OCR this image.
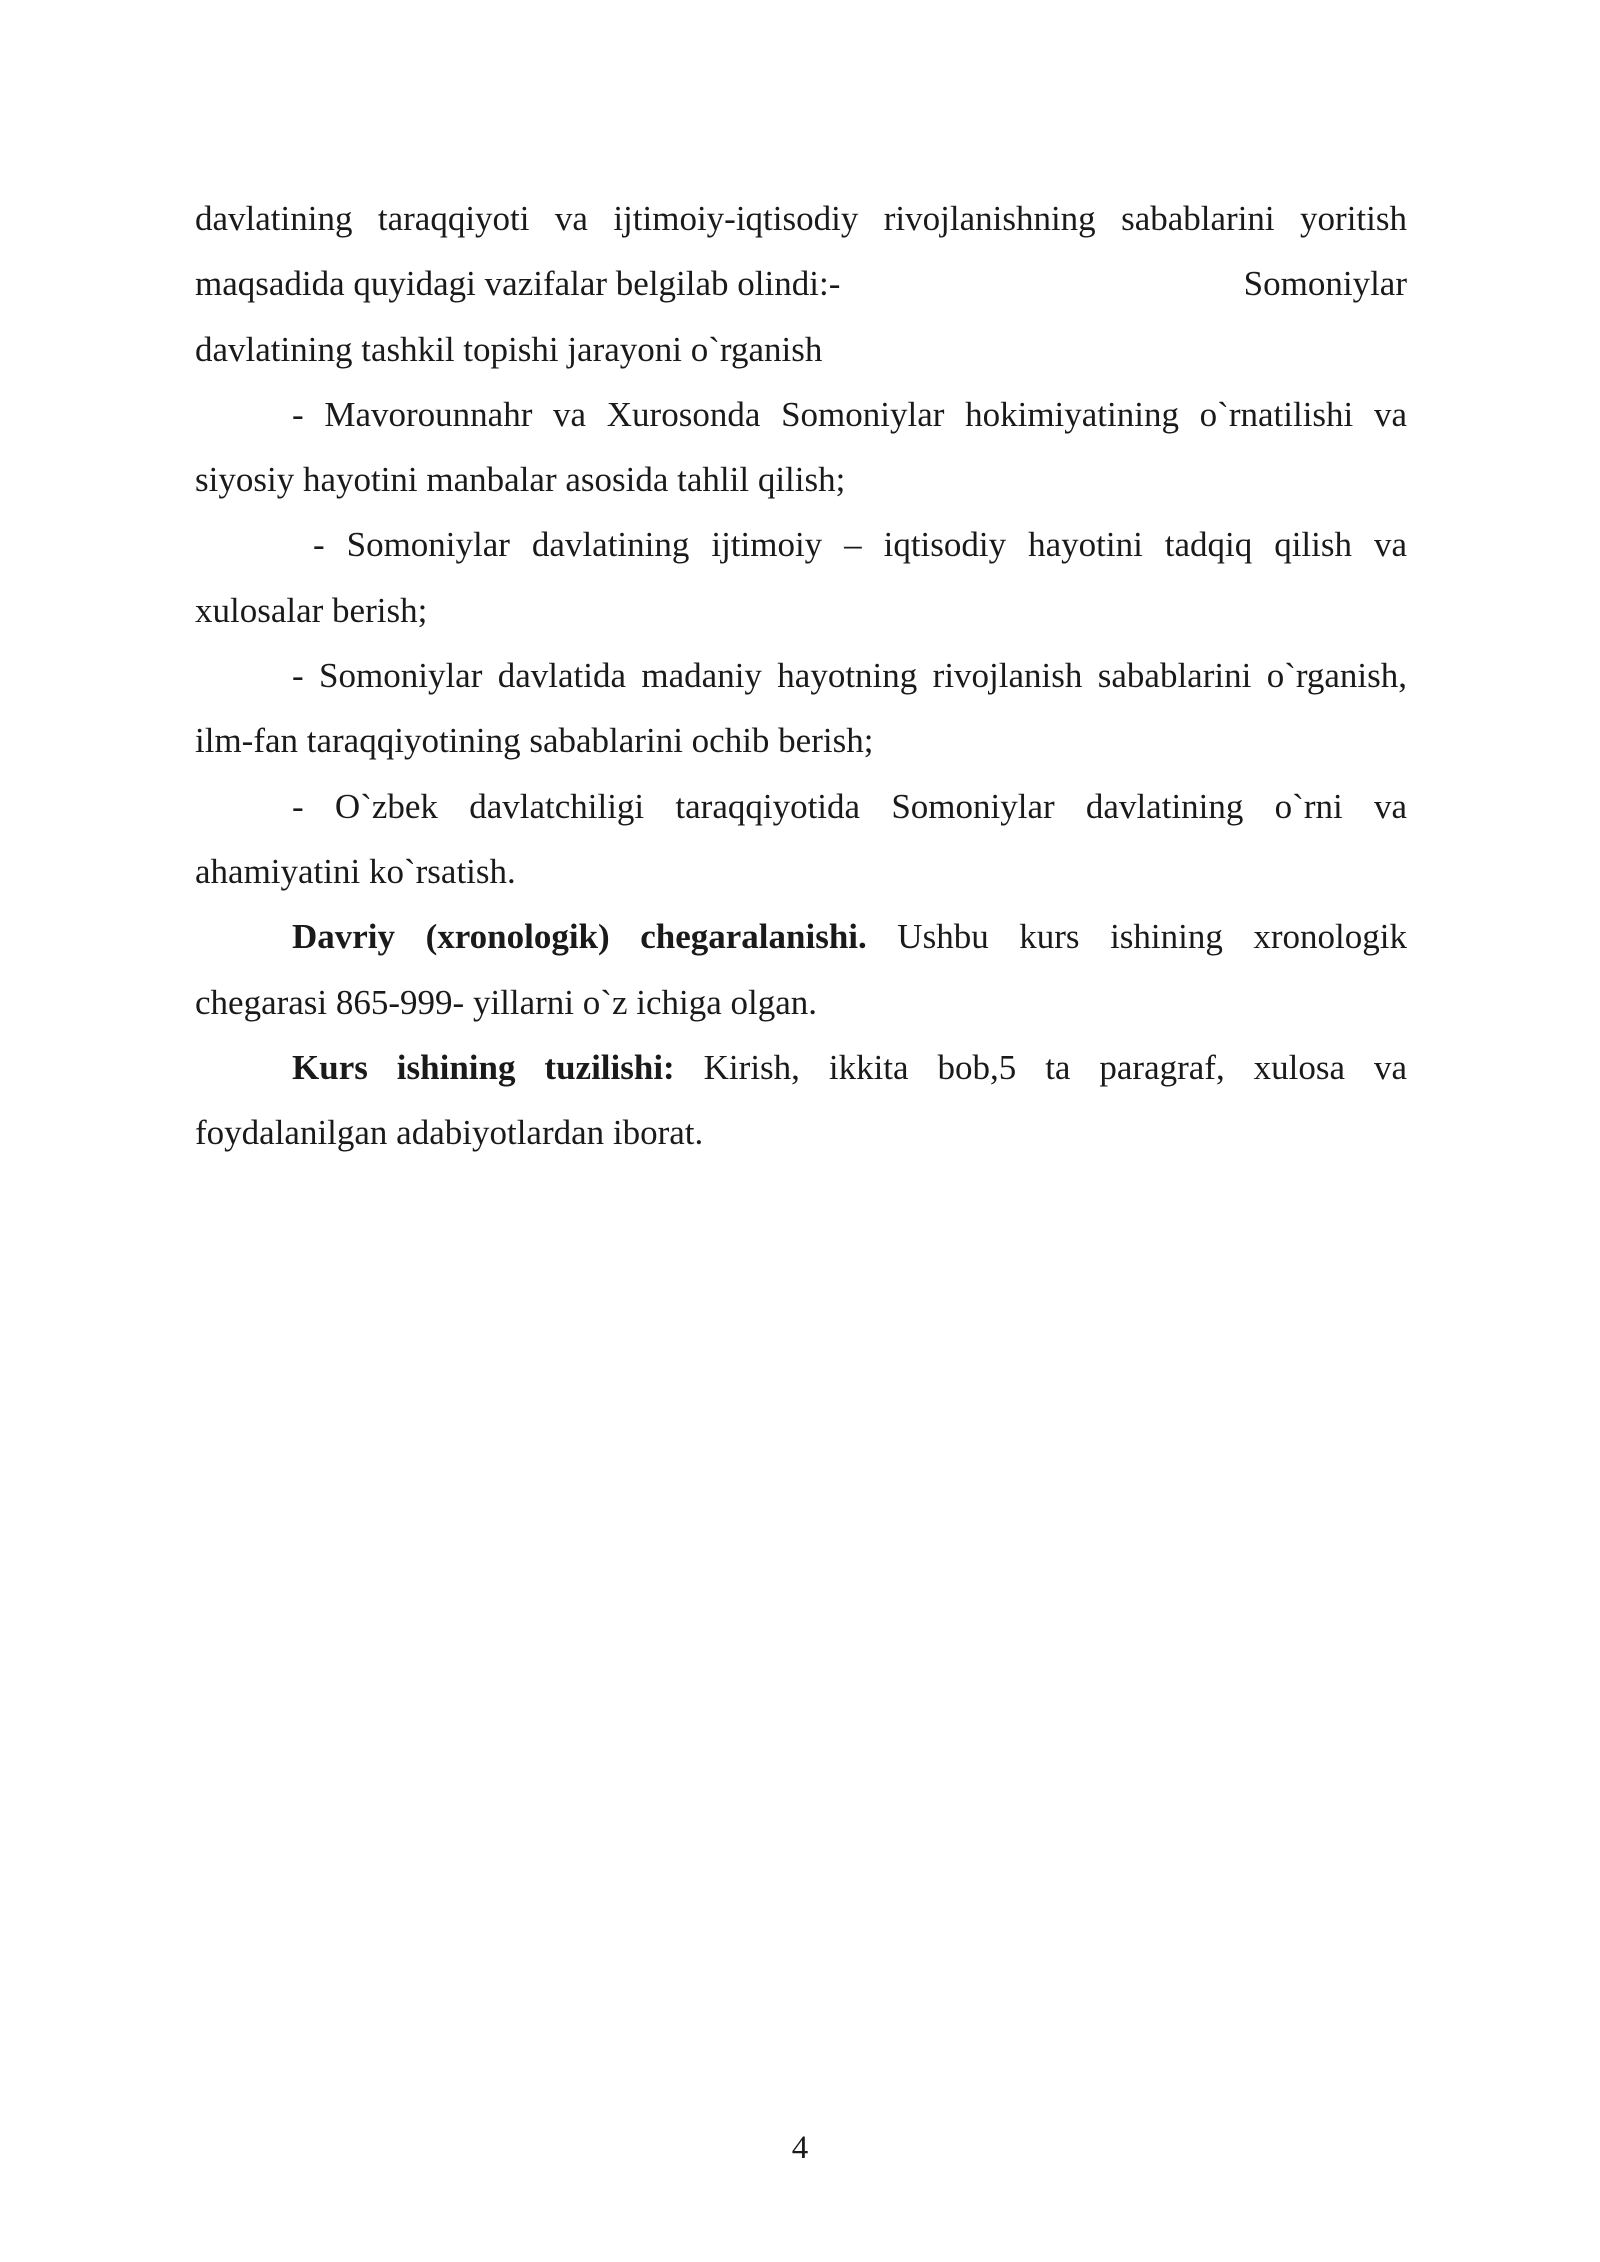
davlatining taraqqiyoti va ijtimoiy-iqtisodiy rivojlanishning sabablarini yoritish
maqsadida quyidagi vazifalar belgilab olindi: -	Somoniylar
davlatining tashkil topishi jarayoni o`rganish

- Mavorounnahr va Xurosonda Somoniylar hokimiyatining o`rnatilishi va siyosiy hayotini manbalar asosida tahlil qilish;

- Somoniylar davlatining ijtimoiy – iqtisodiy hayotini tadqiq qilish va xulosalar berish;

- Somoniylar davlatida madaniy hayotning rivojlanish sabablarini o`rganish, ilm-fan taraqqiyotining sabablarini ochib berish;

- O`zbek davlatchiligi taraqqiyotida Somoniylar davlatining o`rni va ahamiyatini ko`rsatish.

Davriy (xronologik) chegaralanishi. Ushbu kurs ishining xronologik chegarasi 865-999- yillarni o`z ichiga olgan.

Kurs ishining tuzilishi: Kirish, ikkita bob,5 ta paragraf, xulosa va foydalanilgan adabiyotlardan iborat.

4
